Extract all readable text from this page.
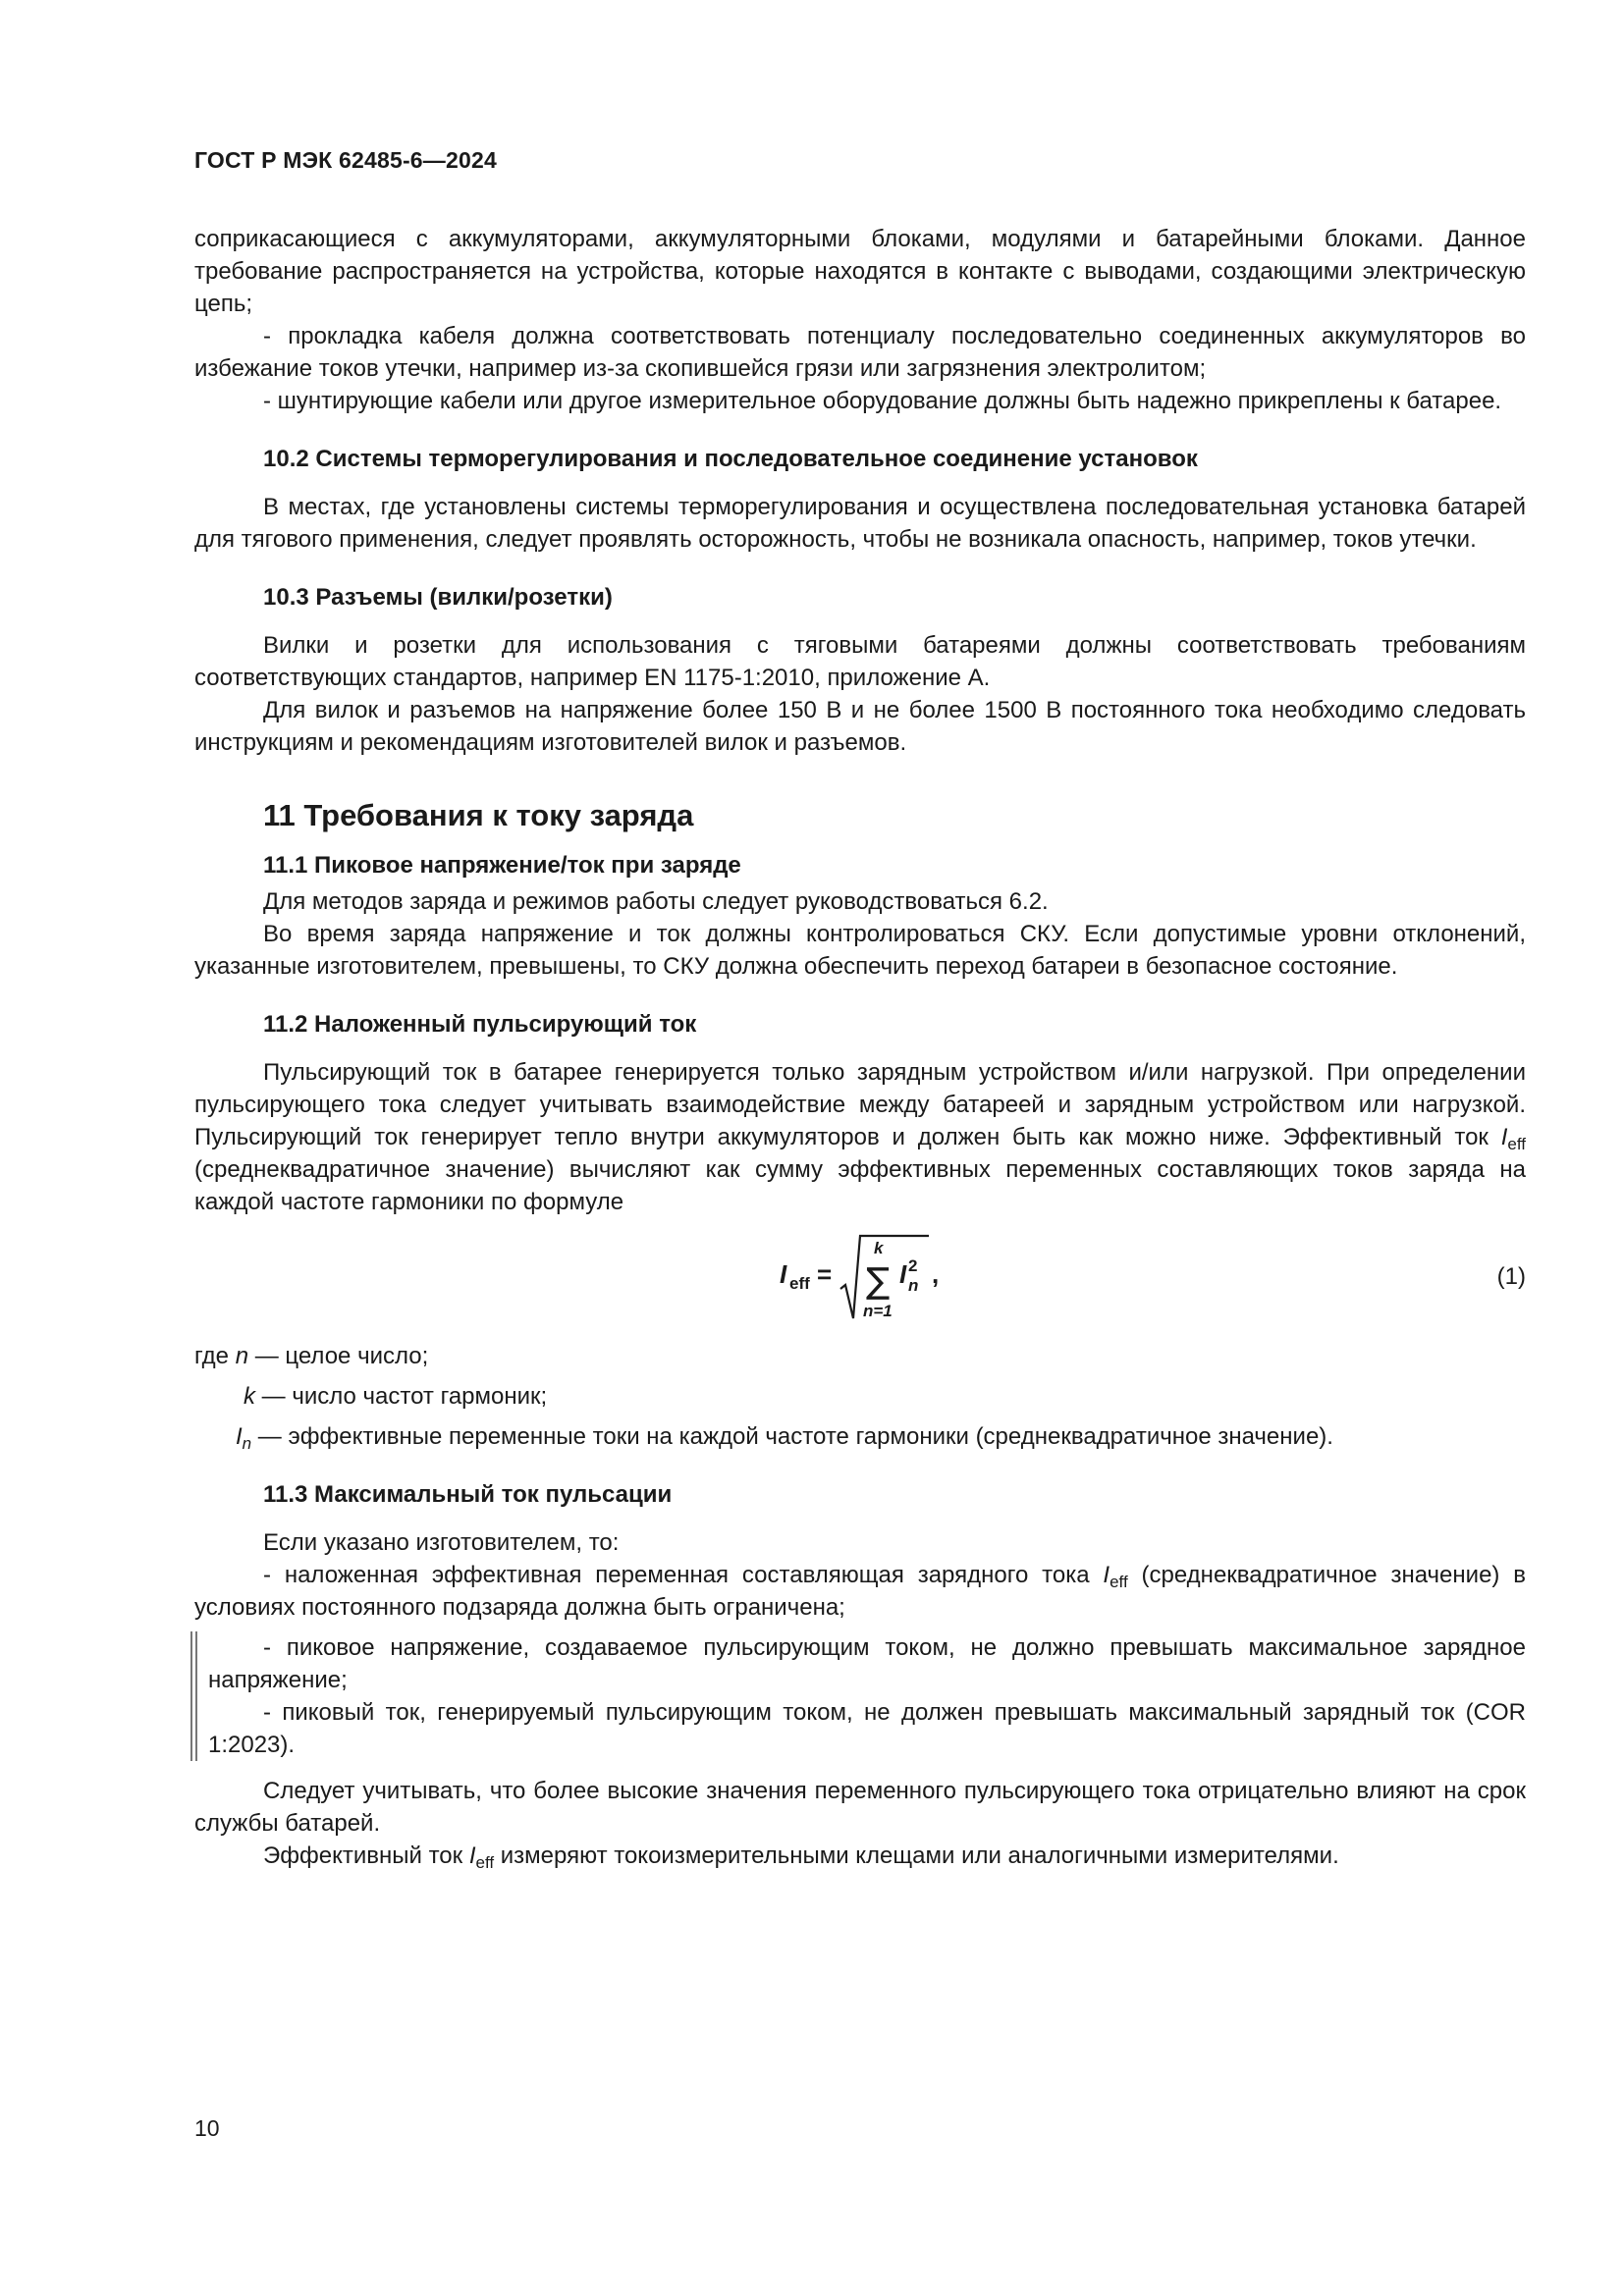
ГОСТ Р МЭК 62485-6—2024

соприкасающиеся с аккумуляторами, аккумуляторными блоками, модулями и батарейными блоками. Данное требование распространяется на устройства, которые находятся в контакте с выводами, создающими электрическую цепь;

- прокладка кабеля должна соответствовать потенциалу последовательно соединенных аккумуляторов во избежание токов утечки, например из-за скопившейся грязи или загрязнения электролитом;

- шунтирующие кабели или другое измерительное оборудование должны быть надежно прикреплены к батарее.

10.2 Системы терморегулирования и последовательное соединение установок

В местах, где установлены системы терморегулирования и осуществлена последовательная установка батарей для тягового применения, следует проявлять осторожность, чтобы не возникала опасность, например, токов утечки.

10.3 Разъемы (вилки/розетки)

Вилки и розетки для использования с тяговыми батареями должны соответствовать требованиям соответствующих стандартов, например EN 1175-1:2010, приложение А.

Для вилок и разъемов на напряжение более 150 В и не более 1500 В постоянного тока необходимо следовать инструкциям и рекомендациям изготовителей вилок и разъемов.

11 Требования к току заряда
11.1 Пиковое напряжение/ток при заряде

Для методов заряда и режимов работы следует руководствоваться 6.2.

Во время заряда напряжение и ток должны контролироваться СКУ. Если допустимые уровни отклонений, указанные изготовителем, превышены, то СКУ должна обеспечить переход батареи в безопасное состояние.

11.2 Наложенный пульсирующий ток

Пульсирующий ток в батарее генерируется только зарядным устройством и/или нагрузкой. При определении пульсирующего тока следует учитывать взаимодействие между батареей и зарядным устройством или нагрузкой. Пульсирующий ток генерирует тепло внутри аккумуляторов и должен быть как можно ниже. Эффективный ток $I_{eff}$ (среднеквадратичное значение) вычисляют как сумму эффективных переменных составляющих токов заряда на каждой частоте гармоники по формуле

I eff =
k
∑
n=1
I 2
n ,	(1)

где n — целое число;

k — число частот гармоник;

$I_n$ — эффективные переменные токи на каждой частоте гармоники (среднеквадратичное значение).

11.3 Максимальный ток пульсации

Если указано изготовителем, то:

- наложенная эффективная переменная составляющая зарядного тока $I_{eff}$ (среднеквадратичное значение) в условиях постоянного подзаряда должна быть ограничена;

- пиковое напряжение, создаваемое пульсирующим током, не должно превышать максимальное зарядное напряжение;

- пиковый ток, генерируемый пульсирующим током, не должен превышать максимальный зарядный ток (COR 1:2023).

Следует учитывать, что более высокие значения переменного пульсирующего тока отрицательно влияют на срок службы батарей.

Эффективный ток $I_{eff}$ измеряют токоизмерительными клещами или аналогичными измерителями.

10
